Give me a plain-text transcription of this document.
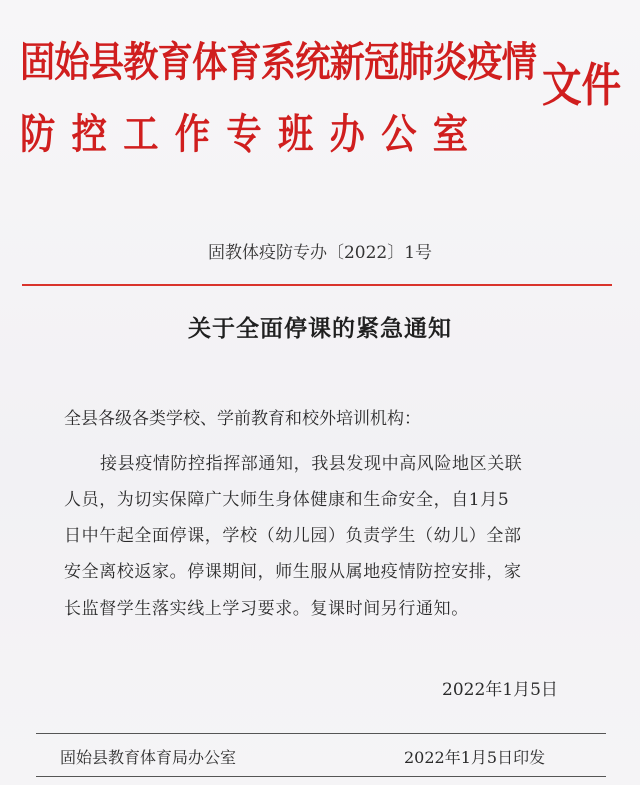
固始县教育体育系统新冠肺炎疫情
防控工作专班办公室
文件
固教体疫防专办〔2022〕1号
关于全面停课的紧急通知
全县各级各类学校、学前教育和校外培训机构：
接县疫情防控指挥部通知，我县发现中高风险地区关联
人员，为切实保障广大师生身体健康和生命安全，自1月5
日中午起全面停课，学校（幼儿园）负责学生（幼儿）全部
安全离校返家。停课期间，师生服从属地疫情防控安排，家
长监督学生落实线上学习要求。复课时间另行通知。
2022年1月5日
固始县教育体育局办公室	2022年1月5日印发
